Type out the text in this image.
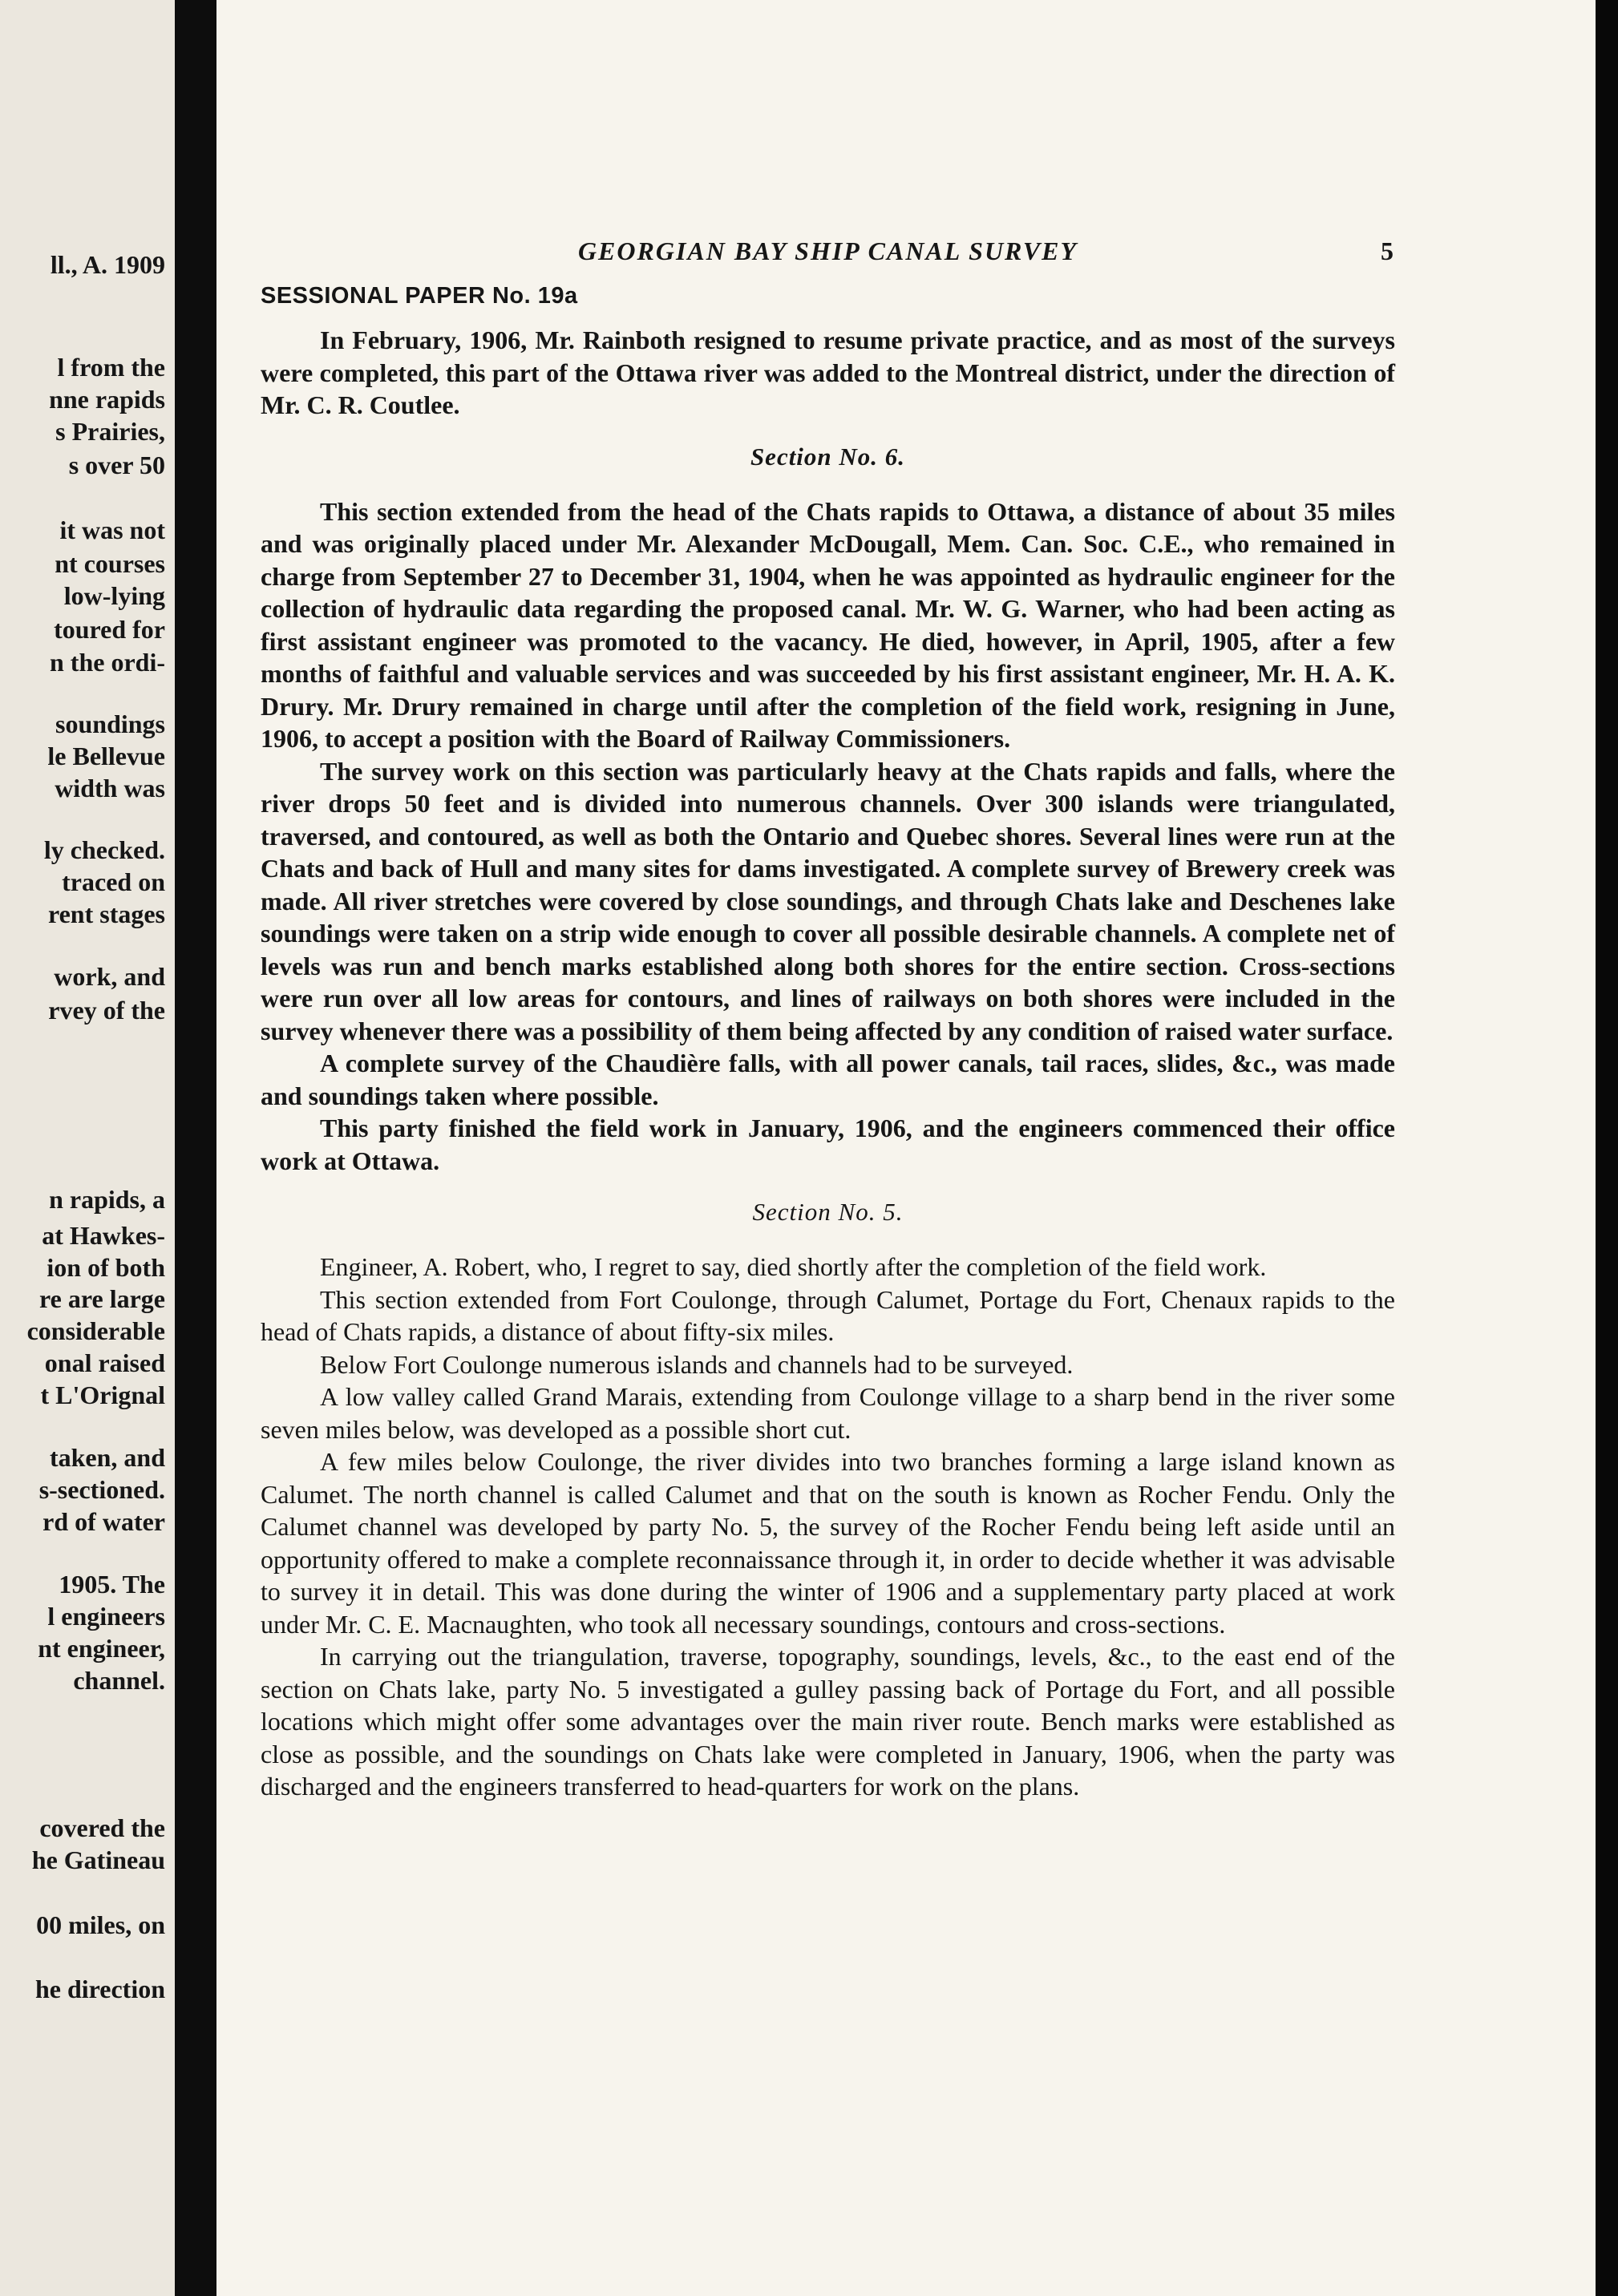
ll., A. 1909
l from the
nne rapids
s Prairies,
s over 50
it was not
nt courses
low-lying
toured for
n the ordi-
soundings
le Bellevue
width was
ly checked.
traced on
rent stages
work, and
rvey of the
n rapids, a
at Hawkes-
ion of both
re are large
considerable
onal raised
t L'Orignal
taken, and
s-sectioned.
rd of water
1905. The
l engineers
nt engineer,
channel.
covered the
he Gatineau
00 miles, on
he direction
GEORGIAN BAY SHIP CANAL SURVEY	5
SESSIONAL PAPER No. 19a

In February, 1906, Mr. Rainboth resigned to resume private practice, and as most of the surveys were completed, this part of the Ottawa river was added to the Montreal district, under the direction of Mr. C. R. Coutlee.

Section No. 6.

This section extended from the head of the Chats rapids to Ottawa, a distance of about 35 miles and was originally placed under Mr. Alexander McDougall, Mem. Can. Soc. C.E., who remained in charge from September 27 to December 31, 1904, when he was appointed as hydraulic engineer for the collection of hydraulic data regarding the proposed canal. Mr. W. G. Warner, who had been acting as first assistant engineer was promoted to the vacancy. He died, however, in April, 1905, after a few months of faithful and valuable services and was succeeded by his first assistant engineer, Mr. H. A. K. Drury. Mr. Drury remained in charge until after the completion of the field work, resigning in June, 1906, to accept a position with the Board of Railway Commissioners.

The survey work on this section was particularly heavy at the Chats rapids and falls, where the river drops 50 feet and is divided into numerous channels. Over 300 islands were triangulated, traversed, and contoured, as well as both the Ontario and Quebec shores. Several lines were run at the Chats and back of Hull and many sites for dams investigated. A complete survey of Brewery creek was made. All river stretches were covered by close soundings, and through Chats lake and Deschenes lake soundings were taken on a strip wide enough to cover all possible desirable channels. A complete net of levels was run and bench marks established along both shores for the entire section. Cross-sections were run over all low areas for contours, and lines of railways on both shores were included in the survey whenever there was a possibility of them being affected by any condition of raised water surface.

A complete survey of the Chaudière falls, with all power canals, tail races, slides, &c., was made and soundings taken where possible.

This party finished the field work in January, 1906, and the engineers commenced their office work at Ottawa.

Section No. 5.

Engineer, A. Robert, who, I regret to say, died shortly after the completion of the field work.

This section extended from Fort Coulonge, through Calumet, Portage du Fort, Chenaux rapids to the head of Chats rapids, a distance of about fifty-six miles.

Below Fort Coulonge numerous islands and channels had to be surveyed.

A low valley called Grand Marais, extending from Coulonge village to a sharp bend in the river some seven miles below, was developed as a possible short cut.

A few miles below Coulonge, the river divides into two branches forming a large island known as Calumet. The north channel is called Calumet and that on the south is known as Rocher Fendu. Only the Calumet channel was developed by party No. 5, the survey of the Rocher Fendu being left aside until an opportunity offered to make a complete reconnaissance through it, in order to decide whether it was advisable to survey it in detail. This was done during the winter of 1906 and a supplementary party placed at work under Mr. C. E. Macnaughten, who took all necessary soundings, contours and cross-sections.

In carrying out the triangulation, traverse, topography, soundings, levels, &c., to the east end of the section on Chats lake, party No. 5 investigated a gulley passing back of Portage du Fort, and all possible locations which might offer some advantages over the main river route. Bench marks were established as close as possible, and the soundings on Chats lake were completed in January, 1906, when the party was discharged and the engineers transferred to head-quarters for work on the plans.
